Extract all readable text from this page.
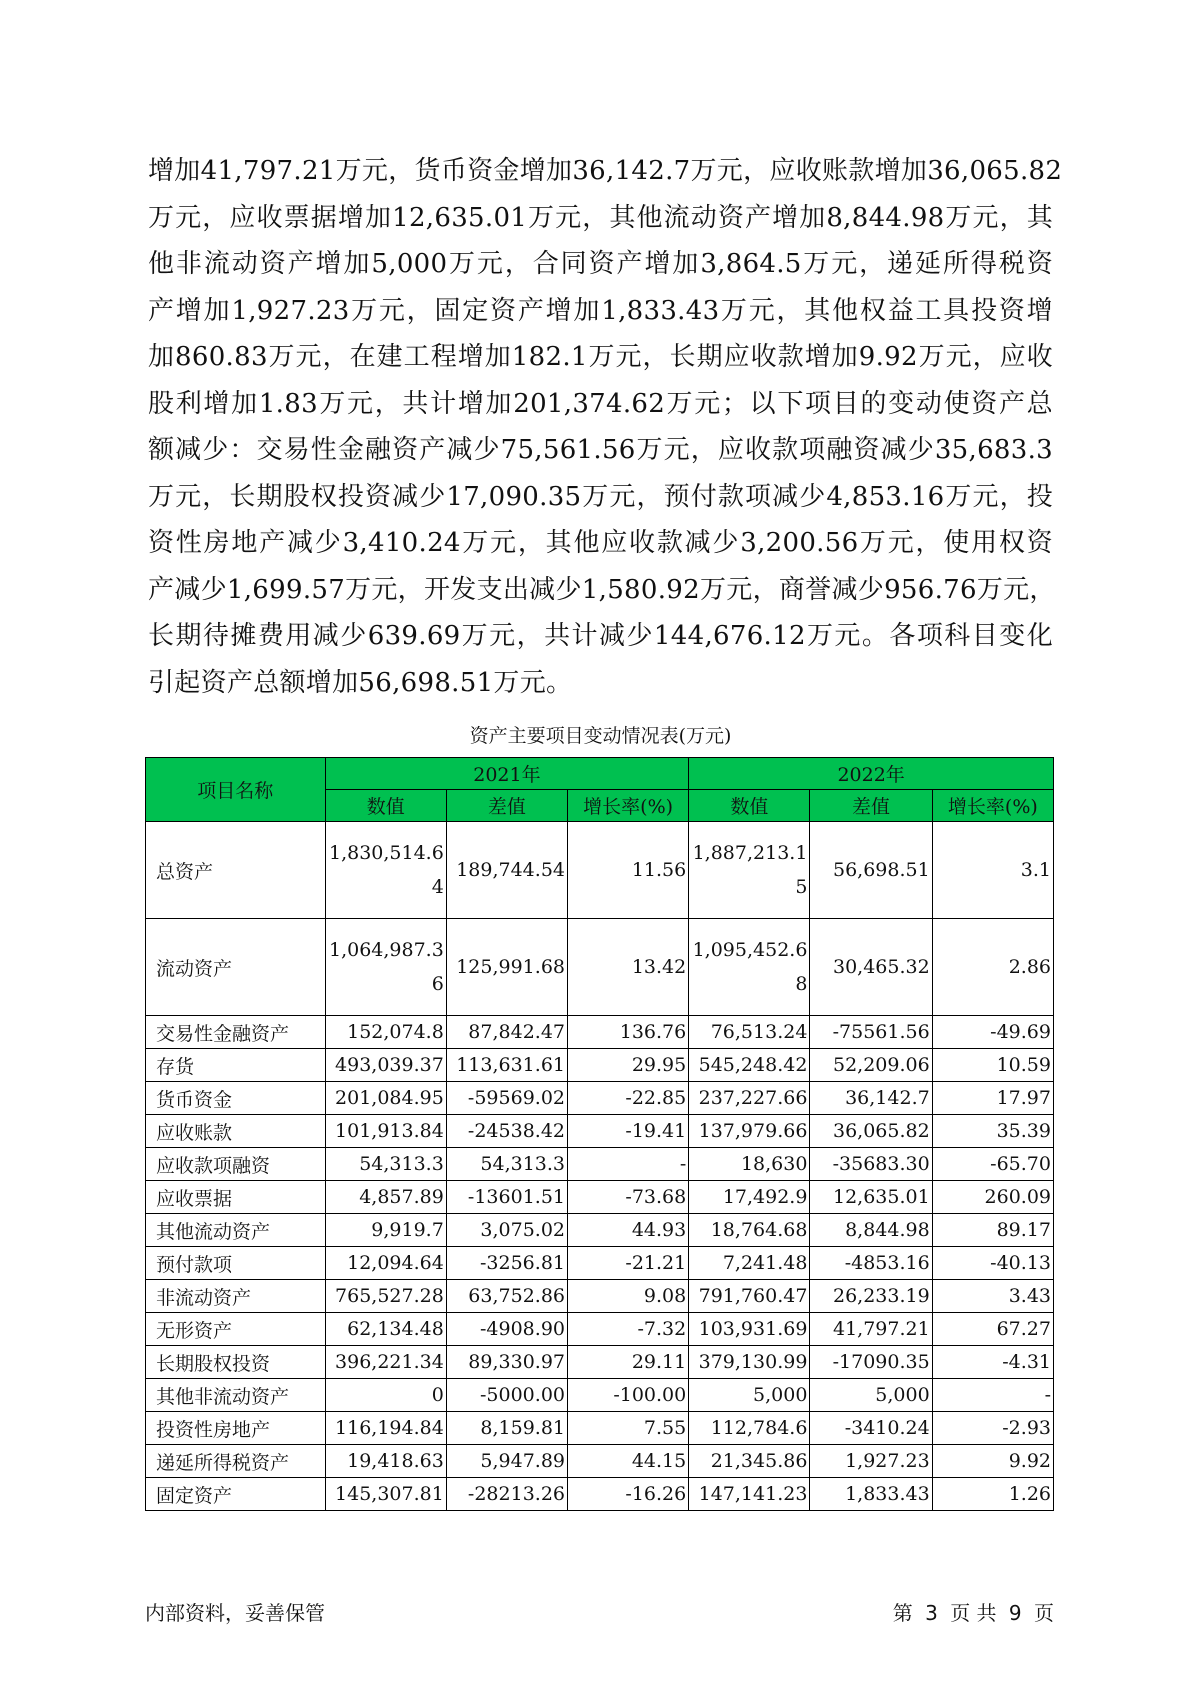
增加41,797.21万元，货币资金增加36,142.7万元，应收账款增加36,065.82
万元，应收票据增加12,635.01万元，其他流动资产增加8,844.98万元，其
他非流动资产增加5,000万元，合同资产增加3,864.5万元，递延所得税资
产增加1,927.23万元，固定资产增加1,833.43万元，其他权益工具投资增
加860.83万元，在建工程增加182.1万元，长期应收款增加9.92万元，应收
股利增加1.83万元，共计增加201,374.62万元；以下项目的变动使资产总
额减少：交易性金融资产减少75,561.56万元，应收款项融资减少35,683.3
万元，长期股权投资减少17,090.35万元，预付款项减少4,853.16万元，投
资性房地产减少3,410.24万元，其他应收款减少3,200.56万元，使用权资
产减少1,699.57万元，开发支出减少1,580.92万元，商誉减少956.76万元，
长期待摊费用减少639.69万元，共计减少144,676.12万元。各项科目变化
引起资产总额增加56,698.51万元。
资产主要项目变动情况表(万元)
项目名称	2021年			2022年		
	数值	差值	增长率(%)	数值	差值	增长率(%)
总资产	1,830,514.64	189,744.54	11.56	1,887,213.15	56,698.51	3.1
流动资产	1,064,987.36	125,991.68	13.42	1,095,452.68	30,465.32	2.86
交易性金融资产	152,074.8	87,842.47	136.76	76,513.24	-75561.56	-49.69
存货	493,039.37	113,631.61	29.95	545,248.42	52,209.06	10.59
货币资金	201,084.95	-59569.02	-22.85	237,227.66	36,142.7	17.97
应收账款	101,913.84	-24538.42	-19.41	137,979.66	36,065.82	35.39
应收款项融资	54,313.3	54,313.3	-	18,630	-35683.30	-65.70
应收票据	4,857.89	-13601.51	-73.68	17,492.9	12,635.01	260.09
其他流动资产	9,919.7	3,075.02	44.93	18,764.68	8,844.98	89.17
预付款项	12,094.64	-3256.81	-21.21	7,241.48	-4853.16	-40.13
非流动资产	765,527.28	63,752.86	9.08	791,760.47	26,233.19	3.43
无形资产	62,134.48	-4908.90	-7.32	103,931.69	41,797.21	67.27
长期股权投资	396,221.34	89,330.97	29.11	379,130.99	-17090.35	-4.31
其他非流动资产	0	-5000.00	-100.00	5,000	5,000	-
投资性房地产	116,194.84	8,159.81	7.55	112,784.6	-3410.24	-2.93
递延所得税资产	19,418.63	5,947.89	44.15	21,345.86	1,927.23	9.92
固定资产	145,307.81	-28213.26	-16.26	147,141.23	1,833.43	1.26
内部资料，妥善保管	第 3 页 共 9 页
